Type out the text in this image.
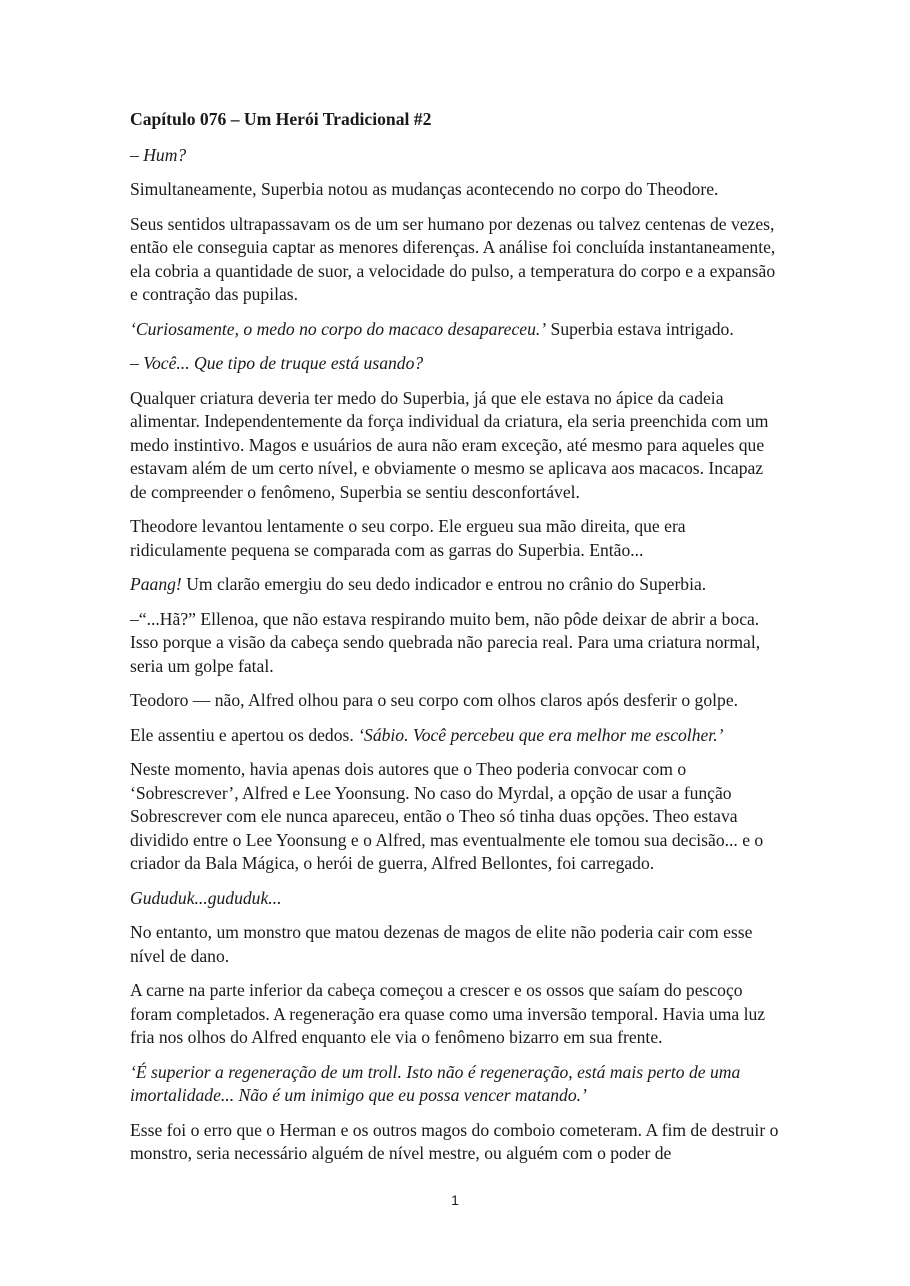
Capítulo 076 – Um Herói Tradicional #2

– Hum?

Simultaneamente, Superbia notou as mudanças acontecendo no corpo do Theodore.

Seus sentidos ultrapassavam os de um ser humano por dezenas ou talvez centenas de vezes, então ele conseguia captar as menores diferenças. A análise foi concluída instantaneamente, ela cobria a quantidade de suor, a velocidade do pulso, a temperatura do corpo e a expansão e contração das pupilas.

‘Curiosamente, o medo no corpo do macaco desapareceu.’ Superbia estava intrigado.

– Você... Que tipo de truque está usando?

Qualquer criatura deveria ter medo do Superbia, já que ele estava no ápice da cadeia alimentar. Independentemente da força individual da criatura, ela seria preenchida com um medo instintivo. Magos e usuários de aura não eram exceção, até mesmo para aqueles que estavam além de um certo nível, e obviamente o mesmo se aplicava aos macacos. Incapaz de compreender o fenômeno, Superbia se sentiu desconfortável.

Theodore levantou lentamente o seu corpo. Ele ergueu sua mão direita, que era ridiculamente pequena se comparada com as garras do Superbia. Então...

Paang! Um clarão emergiu do seu dedo indicador e entrou no crânio do Superbia.

–“...Hã?” Ellenoa, que não estava respirando muito bem, não pôde deixar de abrir a boca. Isso porque a visão da cabeça sendo quebrada não parecia real. Para uma criatura normal, seria um golpe fatal.

Teodoro — não, Alfred olhou para o seu corpo com olhos claros após desferir o golpe.

Ele assentiu e apertou os dedos. ‘Sábio. Você percebeu que era melhor me escolher.’

Neste momento, havia apenas dois autores que o Theo poderia convocar com o ‘Sobrescrever’, Alfred e Lee Yoonsung. No caso do Myrdal, a opção de usar a função Sobrescrever com ele nunca apareceu, então o Theo só tinha duas opções. Theo estava dividido entre o Lee Yoonsung e o Alfred, mas eventualmente ele tomou sua decisão... e o criador da Bala Mágica, o herói de guerra, Alfred Bellontes, foi carregado.

Gududuk...gududuk...

No entanto, um monstro que matou dezenas de magos de elite não poderia cair com esse nível de dano.

A carne na parte inferior da cabeça começou a crescer e os ossos que saíam do pescoço foram completados. A regeneração era quase como uma inversão temporal. Havia uma luz fria nos olhos do Alfred enquanto ele via o fenômeno bizarro em sua frente.

‘É superior a regeneração de um troll. Isto não é regeneração, está mais perto de uma imortalidade... Não é um inimigo que eu possa vencer matando.’

Esse foi o erro que o Herman e os outros magos do comboio cometeram. A fim de destruir o monstro, seria necessário alguém de nível mestre, ou alguém com o poder de

1
